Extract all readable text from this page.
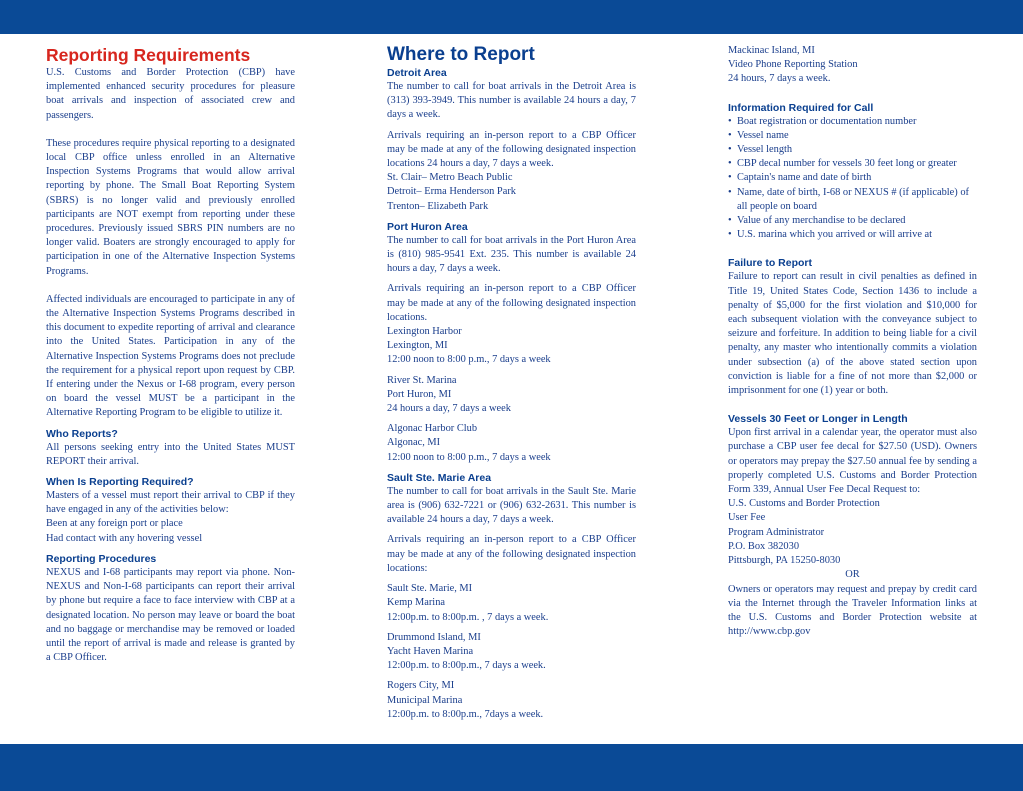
Reporting Requirements

U.S. Customs and Border Protection (CBP) have implemented enhanced security procedures for pleasure boat arrivals and inspection of associated crew and passengers.

These procedures require physical reporting to a designated local CBP office unless enrolled in an Alternative Inspection Systems Programs that would allow arrival reporting by phone. The Small Boat Reporting System (SBRS) is no longer valid and previously enrolled participants are NOT exempt from reporting under these procedures. Previously issued SBRS PIN numbers are no longer valid. Boaters are strongly encouraged to apply for participation in one of the Alternative Inspection Systems Programs.

Affected individuals are encouraged to participate in any of the Alternative Inspection Systems Programs described in this document to expedite reporting of arrival and clearance into the United States. Participation in any of the Alternative Inspection Systems Programs does not preclude the requirement for a physical report upon request by CBP. If entering under the Nexus or I-68 program, every person on board the vessel MUST be a participant in the Alternative Reporting Program to be eligible to utilize it.

Who Reports?

All persons seeking entry into the United States MUST REPORT their arrival.

When Is Reporting Required?

Masters of a vessel must report their arrival to CBP if they have engaged in any of the activities below:

Been at any foreign port or place
Had contact with any hovering vessel
Reporting Procedures

NEXUS and I-68 participants may report via phone. Non-NEXUS and Non-I-68 participants can report their arrival by phone but require a face to face interview with CBP at a designated location. No person may leave or board the boat and no baggage or merchandise may be removed or loaded until the report of arrival is made and release is granted by a CBP Officer.

Where to Report
Detroit Area

The number to call for boat arrivals in the Detroit Area is (313) 393-3949. This number is available 24 hours a day, 7 days a week.

Arrivals requiring an in-person report to a CBP Officer may be made at any of the following designated inspection locations 24 hours a day, 7 days a week.

St. Clair– Metro Beach Public
Detroit– Erma Henderson Park
Trenton– Elizabeth Park
Port Huron Area

The number to call for boat arrivals in the Port Huron Area is (810) 985-9541 Ext. 235. This number is available 24 hours a day, 7 days a week.

Arrivals requiring an in-person report to a CBP Officer may be made at any of the following designated inspection locations.

Lexington Harbor
Lexington, MI
12:00 noon to 8:00 p.m., 7 days a week
River St. Marina
Port Huron, MI
24 hours a day, 7 days a week
Algonac Harbor Club
Algonac, MI
12:00 noon to 8:00 p.m., 7 days a week
Sault Ste. Marie Area

The number to call for boat arrivals in the Sault Ste. Marie area is (906) 632-7221 or (906) 632-2631. This number is available 24 hours a day, 7 days a week.

Arrivals requiring an in-person report to a CBP Officer may be made at any of the following designated inspection locations:

Sault Ste. Marie, MI
Kemp Marina
12:00p.m. to 8:00p.m. , 7 days a week.
Drummond Island, MI
Yacht Haven Marina
12:00p.m. to 8:00p.m., 7 days a week.
Rogers City, MI
Municipal Marina
12:00p.m. to 8:00p.m., 7days a week.
Mackinac Island, MI
Video Phone Reporting Station
24 hours, 7 days a week.
Information Required for Call
• Boat registration or documentation number
• Vessel name
• Vessel length
• CBP decal number for vessels 30 feet long or greater
• Captain's name and date of birth
• Name, date of birth, I-68 or NEXUS # (if applicable) of all people on board
• Value of any merchandise to be declared
• U.S. marina which you arrived or will arrive at
Failure to Report

Failure to report can result in civil penalties as defined in Title 19, United States Code, Section 1436 to include a penalty of $5,000 for the first violation and $10,000 for each subsequent violation with the conveyance subject to seizure and forfeiture. In addition to being liable for a civil penalty, any master who intentionally commits a violation under subsection (a) of the above stated section upon conviction is liable for a fine of not more than $2,000 or imprisonment for one (1) year or both.

Vessels 30 Feet or Longer in Length

Upon first arrival in a calendar year, the operator must also purchase a CBP user fee decal for $27.50 (USD). Owners or operators may prepay the $27.50 annual fee by sending a properly completed U.S. Customs and Border Protection Form 339, Annual User Fee Decal Request to:

U.S. Customs and Border Protection
User Fee
Program Administrator
P.O. Box 382030
Pittsburgh, PA 15250-8030
OR

Owners or operators may request and prepay by credit card via the Internet through the Traveler Information links at the U.S. Customs and Border Protection website at http://www.cbp.gov
